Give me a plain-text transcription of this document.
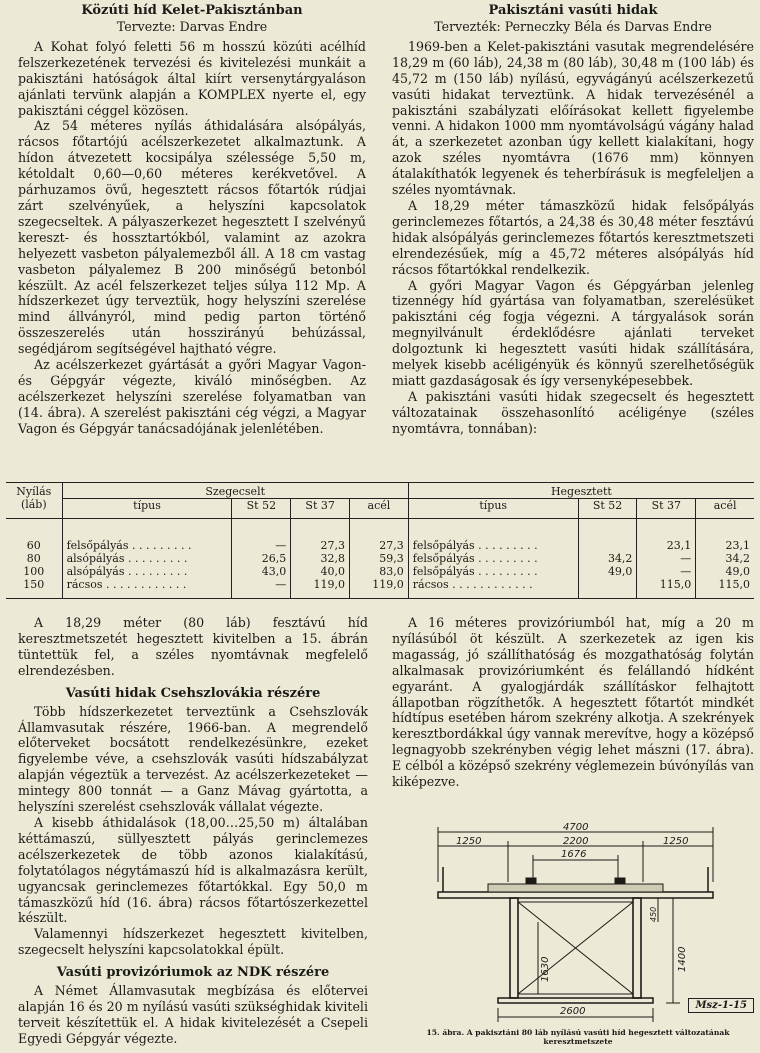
Közúti híd Kelet-Pakisztánban
Tervezte: Darvas Endre

A Kohat folyó feletti 56 m hosszú közúti acélhíd felszerkezetének tervezési és kivitelezési munkáit a pakisztáni hatóságok által kiírt versenytárgyaláson ajánlati tervünk alapján a KOMPLEX nyerte el, egy pakisztáni céggel közösen.

Az 54 méteres nyílás áthidalására alsópályás, rácsos főtartójú acélszerkezetet alkalmaztunk. A hídon átvezetett kocsipálya szélessége 5,50 m, kétoldalt 0,60—0,60 méteres kerékvetővel. A párhuzamos övű, hegesztett rácsos főtartók rúdjai zárt szelvényűek, a helyszíni kapcsolatok szegecseltek. A pályaszerkezet hegesztett I szelvényű kereszt- és hossztartókból, valamint az azokra helyezett vasbeton pályalemezből áll. A 18 cm vastag vasbeton pályalemez B 200 minőségű betonból készült. Az acél felszerkezet teljes súlya 112 Mp. A hídszerkezet úgy terveztük, hogy helyszíni szerelése mind állványról, mind pedig parton történő összeszerelés után hosszirányú behúzással, segédjárom segítségével hajtható végre.

Az acélszerkezet gyártását a győri Magyar Vagon- és Gépgyár végezte, kiváló minőségben. Az acélszerkezet helyszíni szerelése folyamatban van (14. ábra). A szerelést pakisztáni cég végzi, a Magyar Vagon és Gépgyár tanácsadójának jelenlétében.

Pakisztáni vasúti hidak
Tervezték: Perneczky Béla és Darvas Endre

1969-ben a Kelet-pakisztáni vasutak megrendelésére 18,29 m (60 láb), 24,38 m (80 láb), 30,48 m (100 láb) és 45,72 m (150 láb) nyílású, egyvágányú acélszerkezetű vasúti hidakat terveztünk. A hidak tervezésénél a pakisztáni szabályzati előírásokat kellett figyelembe venni. A hidakon 1000 mm nyomtávolságú vágány halad át, a szerkezetet azonban úgy kellett kialakítani, hogy azok széles nyomtávra (1676 mm) könnyen átalakíthatók legyenek és teherbírásuk is megfeleljen a széles nyomtávnak.

A 18,29 méter támaszközű hidak felsőpályás gerinclemezes főtartós, a 24,38 és 30,48 méter fesztávú hidak alsópályás gerinclemezes főtartós keresztmetszeti elrendezésűek, míg a 45,72 méteres alsópályás híd rácsos főtartókkal rendelkezik.

A győri Magyar Vagon és Gépgyárban jelenleg tizennégy híd gyártása van folyamatban, szerelésüket pakisztáni cég fogja végezni. A tárgyalások során megnyilvánult érdeklődésre ajánlati terveket dolgoztunk ki hegesztett vasúti hidak szállítására, melyek kisebb acéligényük és könnyű szerelhetőségük miatt gazdaságosak és így versenyképesebbek.

A pakisztáni vasúti hidak szegecselt és hegesztett változatainak összehasonlító acéligénye (széles nyomtávra, tonnában):

Nyílás (láb)	Szegecselt				Hegesztett			
	típus	St 52	St 37	acél	típus	St 52	St 37	acél
60	felsőpályás . . . . . . . . .	—	27,3	27,3	felsőpályás . . . . . . . . .		23,1	23,1
80	alsópályás . . . . . . . . .	26,5	32,8	59,3	felsőpályás . . . . . . . . .	34,2	—	34,2
100	alsópályás . . . . . . . . .	43,0	40,0	83,0	felsőpályás . . . . . . . . .	49,0	—	49,0
150	rácsos . . . . . . . . . . . .	—	119,0	119,0	rácsos . . . . . . . . . . . .		115,0	115,0

A 18,29 méter (80 láb) fesztávú híd keresztmetszetét hegesztett kivitelben a 15. ábrán tüntettük fel, a széles nyomtávnak megfelelő elrendezésben.

Vasúti hidak Csehszlovákia részére

Több hídszerkezetet terveztünk a Csehszlovák Államvasutak részére, 1966-ban. A megrendelő előterveket bocsátott rendelkezésünkre, ezeket figyelembe véve, a csehszlovák vasúti hídszabályzat alapján végeztük a tervezést. Az acélszerkezeteket — mintegy 800 tonnát — a Ganz Mávag gyártotta, a helyszíni szerelést csehszlovák vállalat végezte.

A kisebb áthidalások (18,00…25,50 m) általában kéttámaszú, süllyesztett pályás gerinclemezes acélszerkezetek de több azonos kialakítású, folytatólagos négytámaszú híd is alkalmazásra került, ugyancsak gerinclemezes főtartókkal. Egy 50,0 m támaszközű híd (16. ábra) rácsos főtartószerkezettel készült.

Valamennyi hídszerkezet hegesztett kivitelben, szegecselt helyszíni kapcsolatokkal épült.

Vasúti provizóriumok az NDK részére

A Német Államvasutak megbízása és előtervei alapján 16 és 20 m nyílású vasúti szükséghidak kiviteli terveit készítettük el. A hidak kivitelezését a Csepeli Egyedi Gépgyár végezte.

A 16 méteres provizóriumból hat, míg a 20 m nyílásúból öt készült. A szerkezetek az igen kis magasság, jó szállíthatóság és mozgathatóság folytán alkalmasak provizóriumként és felállandó hídként egyaránt. A gyalogjárdák szállításkor felhajtott állapotban rögzíthetők. A hegesztett főtartót mindkét hídtípus esetében három szekrény alkotja. A szekrények keresztbordákkal úgy vannak merevítve, hogy a középső legnagyobb szekrényben végig lehet mászni (17. ábra). E célból a középső szekrény véglemezein búvónyílás van kiképezve.

4700
1250	2200	1250
1676
1400
450
1630
2600
Msz-1-15
15. ábra. A pakisztáni 80 láb nyílású vasúti híd hegesztett változatának keresztmetszete
